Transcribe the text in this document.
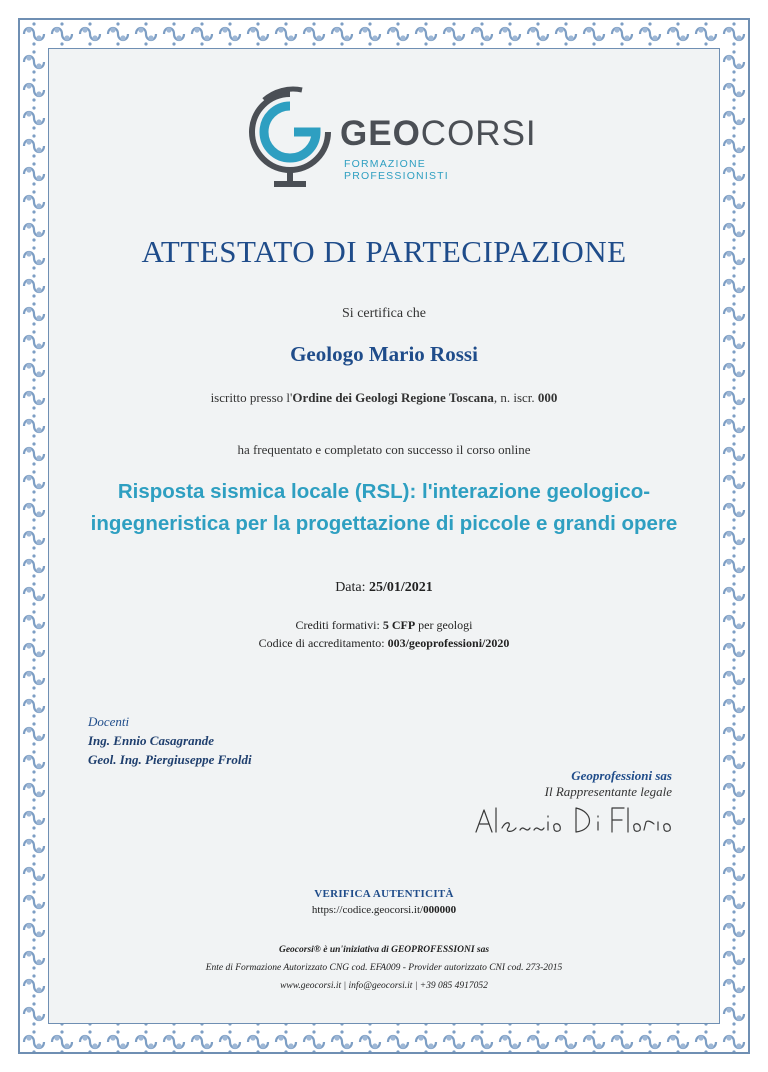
GEOCORSI
FORMAZIONE PROFESSIONISTI
ATTESTATO DI PARTECIPAZIONE
Si certifica che
Geologo Mario Rossi
iscritto presso l'Ordine dei Geologi Regione Toscana, n. iscr. 000
ha frequentato e completato con successo il corso online
Risposta sismica locale (RSL): l'interazione geologico-ingegneristica per la progettazione di piccole e grandi opere
Data: 25/01/2021
Crediti formativi: 5 CFP per geologi
Codice di accreditamento: 003/geoprofessioni/2020
Docenti
Ing. Ennio Casagrande
Geol. Ing. Piergiuseppe Froldi
Geoprofessioni sas
Il Rappresentante legale
VERIFICA AUTENTICITÀ
https://codice.geocorsi.it/000000
Geocorsi® è un'iniziativa di GEOPROFESSIONI sas
Ente di Formazione Autorizzato CNG cod. EFA009 - Provider autorizzato CNI cod. 273-2015
www.geocorsi.it | info@geocorsi.it | +39 085 4917052
